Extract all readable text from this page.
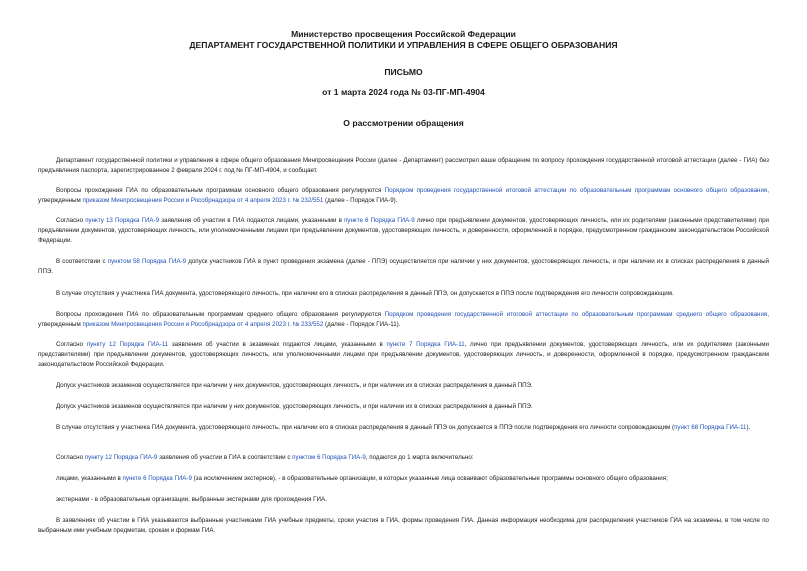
Министерство просвещения Российской Федерации
ДЕПАРТАМЕНТ ГОСУДАРСТВЕННОЙ ПОЛИТИКИ И УПРАВЛЕНИЯ В СФЕРЕ ОБЩЕГО ОБРАЗОВАНИЯ
ПИСЬМО
от 1 марта 2024 года № 03-ПГ-МП-4904
О рассмотрении обращения
Департамент государственной политики и управления в сфере общего образования Минпросвещения России (далее - Департамент) рассмотрел ваше обращение по вопросу прохождения государственной итоговой аттестации (далее - ГИА) без предъявления паспорта, зарегистрированное 2 февраля 2024 г. под № ПГ-МП-4904, и сообщает.
Вопросы прохождения ГИА по образовательным программам основного общего образования регулируются Порядком проведения государственной итоговой аттестации по образовательным программам основного общего образования, утвержденным приказом Минпросвещения России и Рособрнадзора от 4 апреля 2023 г. № 232/551 (далее - Порядок ГИА-9).
Согласно пункту 13 Порядка ГИА-9 заявления об участии в ГИА подаются лицами, указанными в пункте 6 Порядка ГИА-9 лично при предъявлении документов, удостоверяющих личность, или их родителями (законными представителями) при предъявлении документов, удостоверяющих личность, или уполномоченными лицами при предъявлении документов, удостоверяющих личность, и доверенности, оформленной в порядке, предусмотренном гражданским законодательством Российской Федерации.
В соответствии с пунктом 58 Порядка ГИА-9 допуск участников ГИА в пункт проведения экзамена (далее - ППЭ) осуществляется при наличии у них документов, удостоверяющих личность, и при наличии их в списках распределения в данный ППЭ.
В случае отсутствия у участника ГИА документа, удостоверяющего личность, при наличии его в списках распределения в данный ППЭ, он допускается в ППЭ после подтверждения его личности сопровождающим.
Вопросы прохождения ГИА по образовательным программам среднего общего образования регулируются Порядком проведения государственной итоговой аттестации по образовательным программам среднего общего образования, утвержденным приказом Минпросвещения России и Рособрнадзора от 4 апреля 2023 г. № 233/552 (далее - Порядок ГИА-11).
Согласно пункту 12 Порядка ГИА-11 заявления об участии в экзаменах подаются лицами, указанными в пункте 7 Порядка ГИА-11, лично при предъявлении документов, удостоверяющих личность, или их родителями (законными представителями) при предъявлении документов, удостоверяющих личность, или уполномоченными лицами при предъявлении документов, удостоверяющих личность, и доверенности, оформленной в порядке, предусмотренном гражданским законодательством Российской Федерации.
Допуск участников экзаменов осуществляется при наличии у них документов, удостоверяющих личность, и при наличии их в списках распределения в данный ППЭ.
Допуск участников экзаменов осуществляется при наличии у них документов, удостоверяющих личность, и при наличии их в списках распределения в данный ППЭ.
В случае отсутствия у участника ГИА документа, удостоверяющего личность, при наличии его в списках распределения в данный ППЭ он допускается в ППЭ после подтверждения его личности сопровождающим (пункт 68 Порядка ГИА-11).
Согласно пункту 12 Порядка ГИА-9 заявления об участии в ГИА в соответствии с пунктом 6 Порядка ГИА-9, подаются до 1 марта включительно:
лицами, указанными в пункте 6 Порядка ГИА-9 (за исключением экстернов), - в образовательные организации, в которых указанные лица осваивают образовательные программы основного общего образования;
экстернами - в образовательные организации, выбранные экстернами для прохождения ГИА.
В заявлениях об участии в ГИА указываются выбранные участниками ГИА учебные предметы, сроки участия в ГИА, формы проведения ГИА. Данная информация необходима для распределения участников ГИА на экзамены, в том числе по выбранным ими учебным предметам, срокам и формам ГИА.
